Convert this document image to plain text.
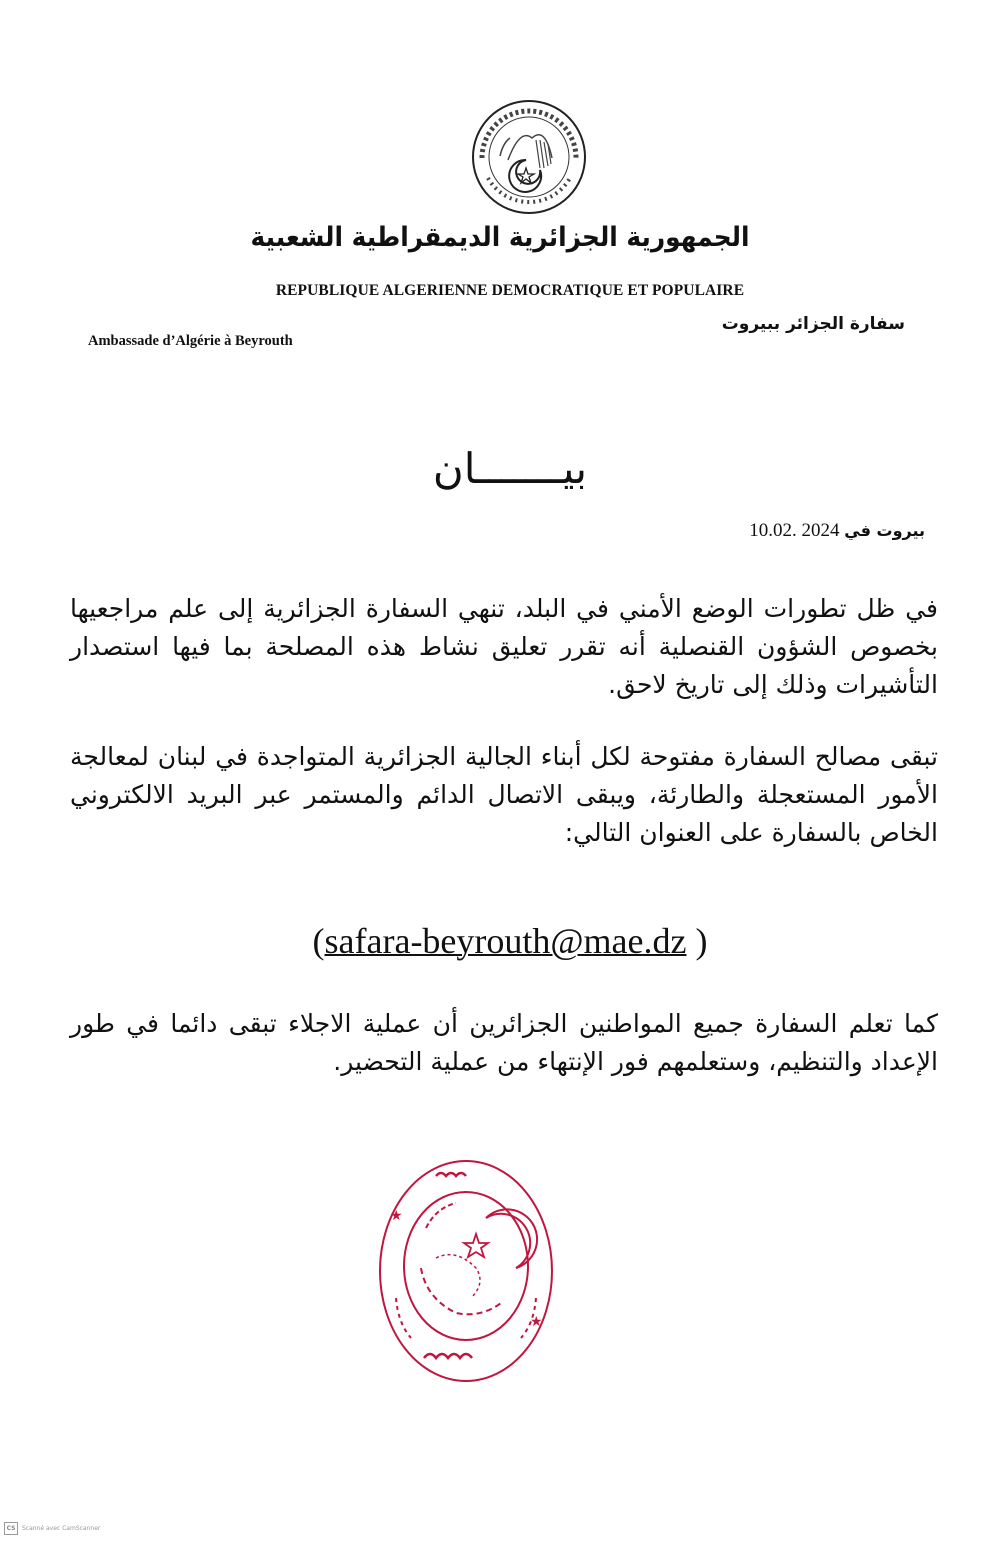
الجمهورية الجزائرية الديمقراطية الشعبية
REPUBLIQUE ALGERIENNE DEMOCRATIQUE ET POPULAIRE
Ambassade d’Algérie à Beyrouth
سفارة الجزائر ببيروت
بيـــــــان
بيروت في 10.02. 2024
في ظل تطورات الوضع الأمني في البلد، تنهي السفارة الجزائرية إلى علم مراجعيها بخصوص الشؤون القنصلية أنه تقرر تعليق نشاط هذه المصلحة بما فيها استصدار التأشيرات وذلك إلى تاريخ لاحق.
تبقى مصالح السفارة مفتوحة لكل أبناء الجالية الجزائرية المتواجدة في لبنان لمعالجة الأمور المستعجلة والطارئة، ويبقى الاتصال الدائم والمستمر عبر البريد الالكتروني الخاص بالسفارة على العنوان التالي:
(safara-beyrouth@mae.dz )
كما تعلم السفارة جميع المواطنين الجزائرين أن عملية الاجلاء تبقى دائما في طور الإعداد والتنظيم، وستعلمهم فور الإنتهاء من عملية التحضير.
★
★
CS	Scanné avec CamScanner
